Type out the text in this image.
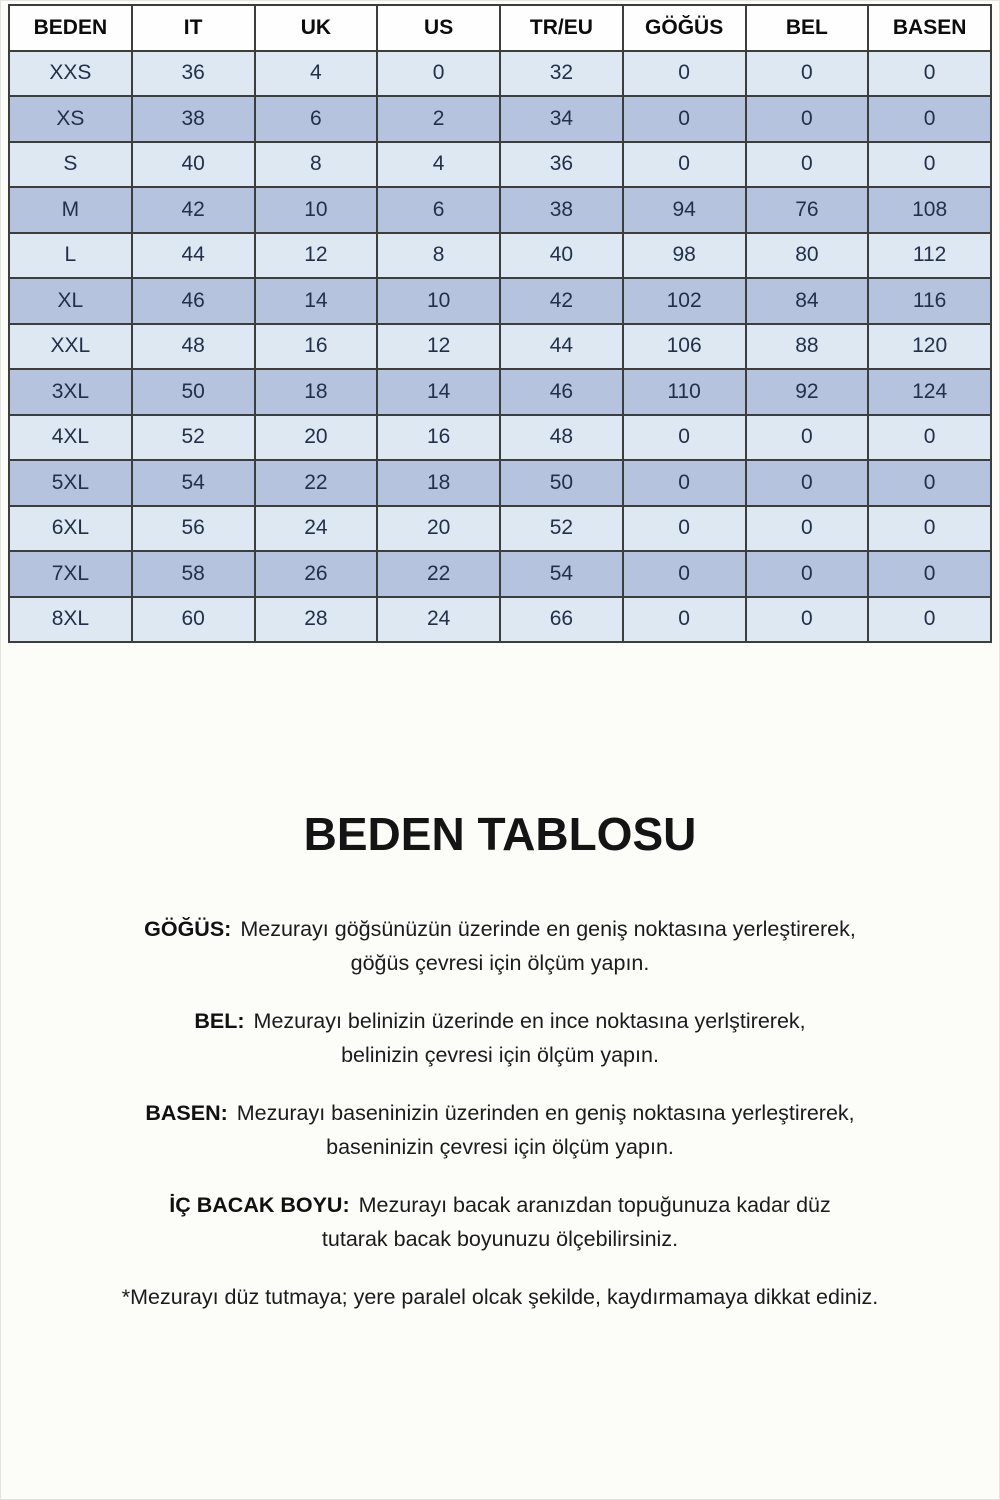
BEDEN	IT	UK	US	TR/EU	GÖĞÜS	BEL	BASEN
XXS	36	4	0	32	0	0	0
XS	38	6	2	34	0	0	0
S	40	8	4	36	0	0	0
M	42	10	6	38	94	76	108
L	44	12	8	40	98	80	112
XL	46	14	10	42	102	84	116
XXL	48	16	12	44	106	88	120
3XL	50	18	14	46	110	92	124
4XL	52	20	16	48	0	0	0
5XL	54	22	18	50	0	0	0
6XL	56	24	20	52	0	0	0
7XL	58	26	22	54	0	0	0
8XL	60	28	24	66	0	0	0
BEDEN TABLOSU

GÖĞÜS: Mezurayı göğsünüzün üzerinde en geniş noktasına yerleştirerek,

göğüs çevresi için ölçüm yapın.

BEL: Mezurayı belinizin üzerinde en ince noktasına yerlştirerek,

belinizin çevresi için ölçüm yapın.

BASEN: Mezurayı baseninizin üzerinden en geniş noktasına yerleştirerek,

baseninizin çevresi için ölçüm yapın.

İÇ BACAK BOYU: Mezurayı bacak aranızdan topuğunuza kadar düz

tutarak bacak boyunuzu ölçebilirsiniz.

*Mezurayı düz tutmaya; yere paralel olcak şekilde, kaydırmamaya dikkat ediniz.
